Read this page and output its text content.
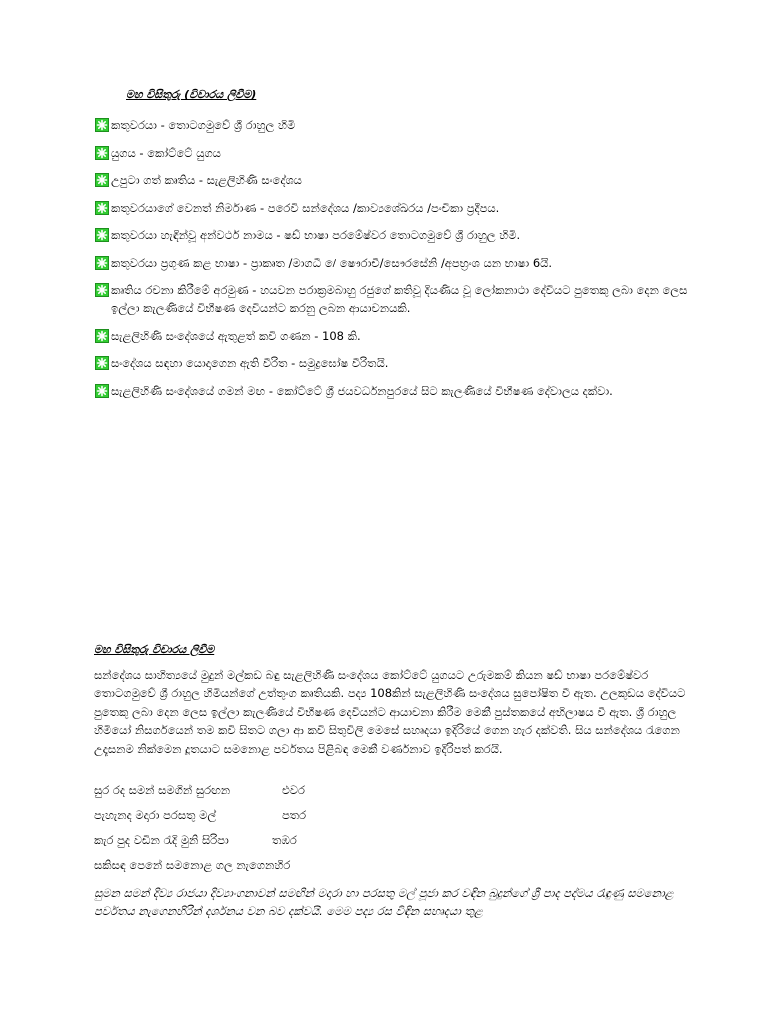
මහ විසිතුරු (විවාරය ලිවීම)
කතුවරයා - තොටගමුවේ ශ්‍රී රාහුල හිමි
යුගය - කෝට්ටේ යුගය
උපුටා ගත් කෘතිය - සැළලිහිණි සංදේශය
කතුවරයාගේ වෙනත් නිර්මාණ - පරෙවි සන්දේශය /කාව්‍යශේඛරය /පංචිකා ප්‍රදීපය.
කතුවරයා හැඳින්වූ අන්වර්ථ නාමය - ෂඩ් භාෂා පරමේෂ්වර තොටගමුවේ ශ්‍රී රාහුල හිමි.
කතුවරයා ප්‍රගුණ කළ භාෂා - ප්‍රාකෘත /මාගධී /ෙ ෂෞරාචී/සෞරසේනි /අපභ්‍රංශ යන භාෂා 6යි.
කෘතිය රචනා කිරීමේ අරමුණ - හයවන පරාක්‍රමබාහු රජුගේ කතිවූ දියණිය වූ ලෝකනාථා දේවියට පුතෙකු ලබා දෙන ලෙස ඉල්ලා කැලණියේ විභීෂණ දෙවියන්ට කරනු ලබන ආයාචනයකි.
සැළලිහිණි සංදේශයේ ඇතුළත් කවි ගණන - 108 කි.
සංදේශය සඳහා යොදාගෙන ඇති වීරිත - සමුද්‍රඝෝෂ වීරිතයි.
සැළලිහිණි සංදේශයේ ගමන් මඟ - කෝට්ටේ ශ්‍රී ජයවර්ධනපුරයේ සිට කැලණියේ විභීෂණ දේවාලය දක්වා.
මහ විසිතුරු විචාරය ලිවීම
සන්දේශය සාහිත්‍යයේ මුදුන් මල්කඩ බඳු සැළලිහිණි සංදේශය කෝට්ටේ යුගයට උරුමකම් කියන ෂඩ් භාෂා පරමේෂ්වර තොටගමුවේ ශ්‍රී රාහුල හිමියන්ගේ උත්තුංග කෘතියකි. පද්‍ය 108කින් සැළලිහිණි සංදේශය සුපෝෂිත වී ඇත. උලකුඩය දේවියට පුතෙකු ලබා දෙන ලෙස ඉල්ලා කැලණියේ විභීෂණ දෙවියන්ට ආයාචනා කිරීම මෙකී පුස්තකයේ අභිලාෂය වී ඇත. ශ්‍රී රාහුල හිමියෝ නිසර්ගයෙන් තම කවි සිතට ගලා ආ කවි සිතුවිලි මෙසේ සහෘදයා ඉදිරියේ ගෙන හැර දක්වති. සිය සන්දේශය රැගෙන උදෑසනම නික්මෙන දූතයාට සමනොළ පර්වතය පිළිබඳ මෙකී වර්ණනාව ඉදිරිපත් කරයි.
සුර රද සමන් සමගින් සුරඟන	එවර
පැහැනද මදාරා පරසතු මල්	පතර
කැර පුද වඩින රැදි මුනි සිරිපා	තඹර
සකිසඳ පෙනේ සමනොළ ගල නැගෙනහිර
සුමන සමන් දිව්‍ය රාජයා දිව්‍යාංගනාවන් සමඟින් මදාරා හා පරසතු මල් පූජා කර වඳින බුදුන්ගේ ශ්‍රී පාද පද්මය රැඳුණු සමනොළ පර්වතය නැගෙනහිරින් දර්ශනය වන බව දක්වයි. මෙම පද්‍ය රස විඳින සහෘදයා තුළ
